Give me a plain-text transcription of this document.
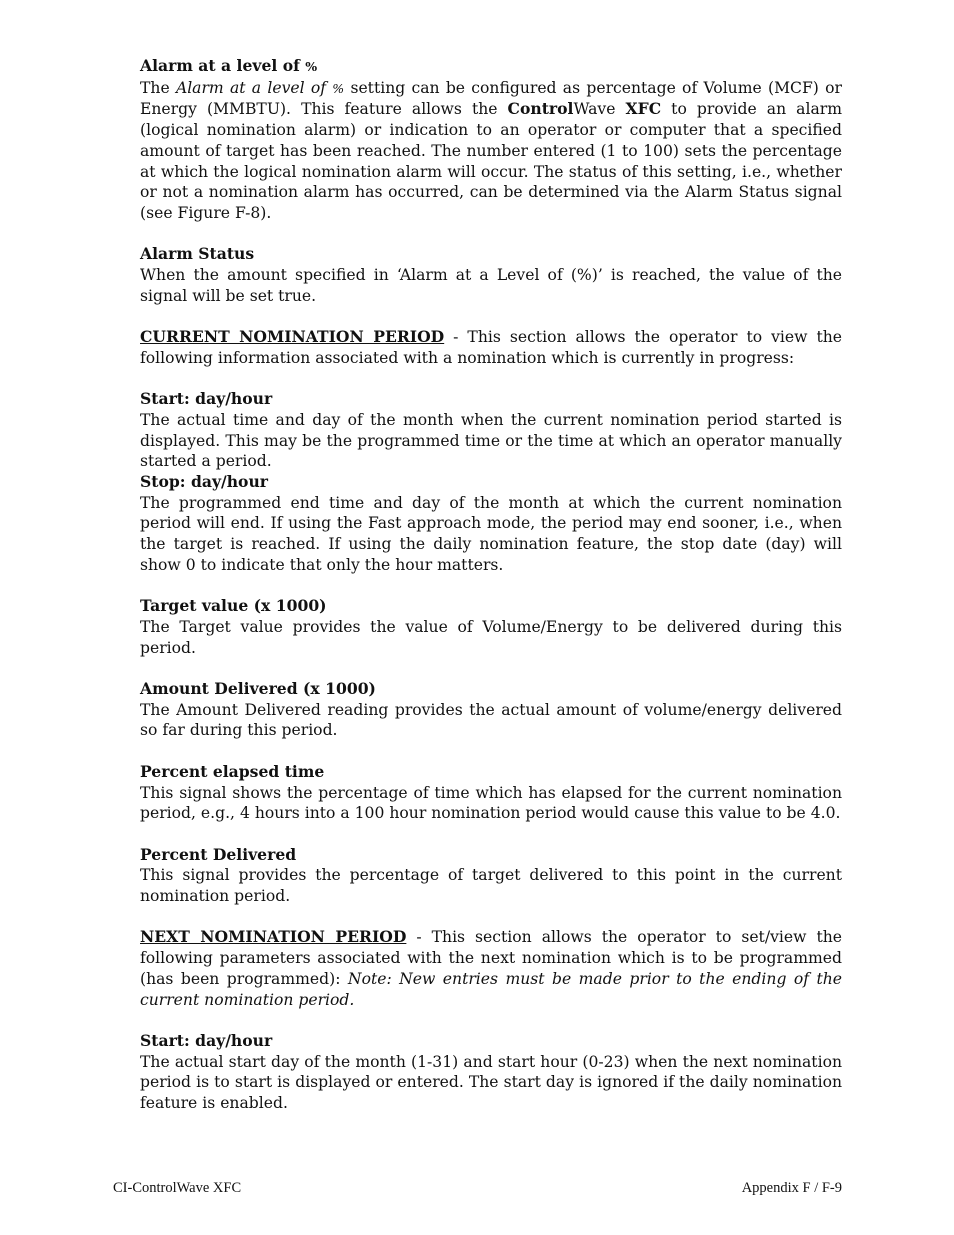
Alarm at a level of %
The Alarm at a level of % setting can be configured as percentage of Volume (MCF) or Energy (MMBTU). This feature allows the ControlWave XFC to provide an alarm (logical nomination alarm) or indication to an operator or computer that a specified amount of target has been reached. The number entered (1 to 100) sets the percentage at which the logical nomination alarm will occur. The status of this setting, i.e., whether or not a nomination alarm has occurred, can be determined via the Alarm Status signal (see Figure F-8).
Alarm Status
When the amount specified in ‘Alarm at a Level of (%)’ is reached, the value of the signal will be set true.
CURRENT NOMINATION PERIOD - This section allows the operator to view the following information associated with a nomination which is currently in progress:
Start: day/hour
The actual time and day of the month when the current nomination period started is displayed. This may be the programmed time or the time at which an operator manually started a period.
Stop: day/hour
The programmed end time and day of the month at which the current nomination period will end. If using the Fast approach mode, the period may end sooner, i.e., when the target is reached. If using the daily nomination feature, the stop date (day) will show 0 to indicate that only the hour matters.
Target value (x 1000)
The Target value provides the value of Volume/Energy to be delivered during this period.
Amount Delivered (x 1000)
The Amount Delivered reading provides the actual amount of volume/energy delivered so far during this period.
Percent elapsed time
This signal shows the percentage of time which has elapsed for the current nomination period, e.g., 4 hours into a 100 hour nomination period would cause this value to be 4.0.
Percent Delivered
This signal provides the percentage of target delivered to this point in the current nomination period.
NEXT NOMINATION PERIOD - This section allows the operator to set/view the following parameters associated with the next nomination which is to be programmed (has been programmed): Note: New entries must be made prior to the ending of the current nomination period.
Start: day/hour
The actual start day of the month (1-31) and start hour (0-23) when the next nomination period is to start is displayed or entered. The start day is ignored if the daily nomination feature is enabled.
CI-ControlWave XFC	Appendix F / F-9
